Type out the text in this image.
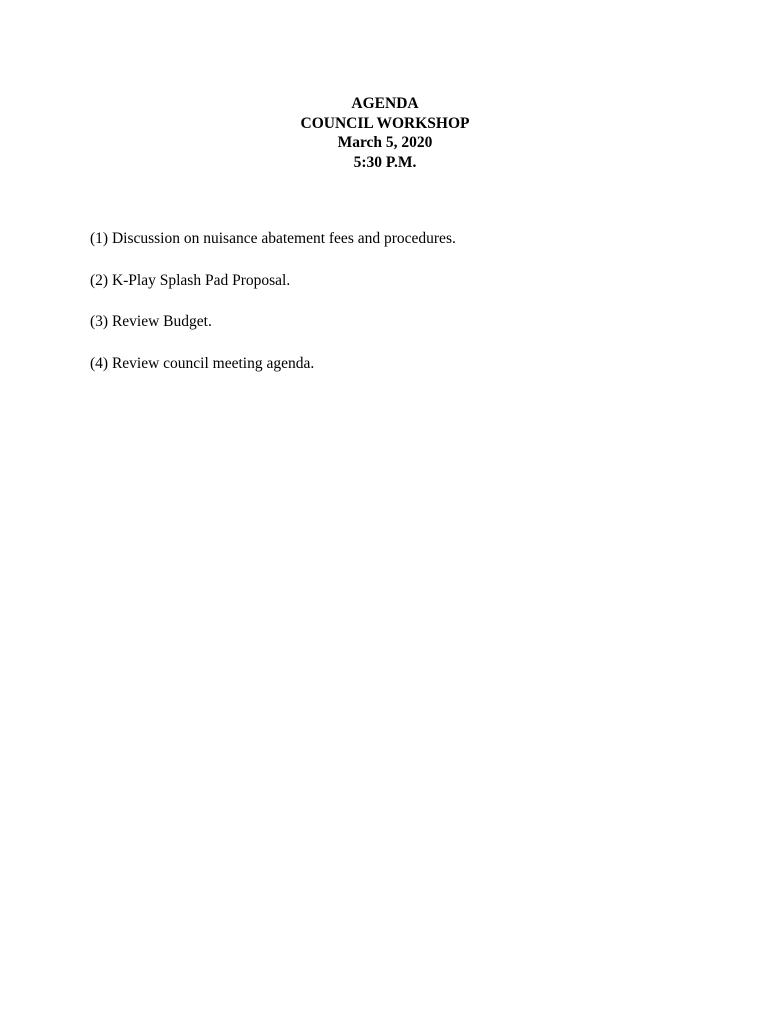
AGENDA
COUNCIL WORKSHOP
March 5, 2020
5:30 P.M.
(1) Discussion on nuisance abatement fees and procedures.
(2) K-Play Splash Pad Proposal.
(3) Review Budget.
(4) Review council meeting agenda.
